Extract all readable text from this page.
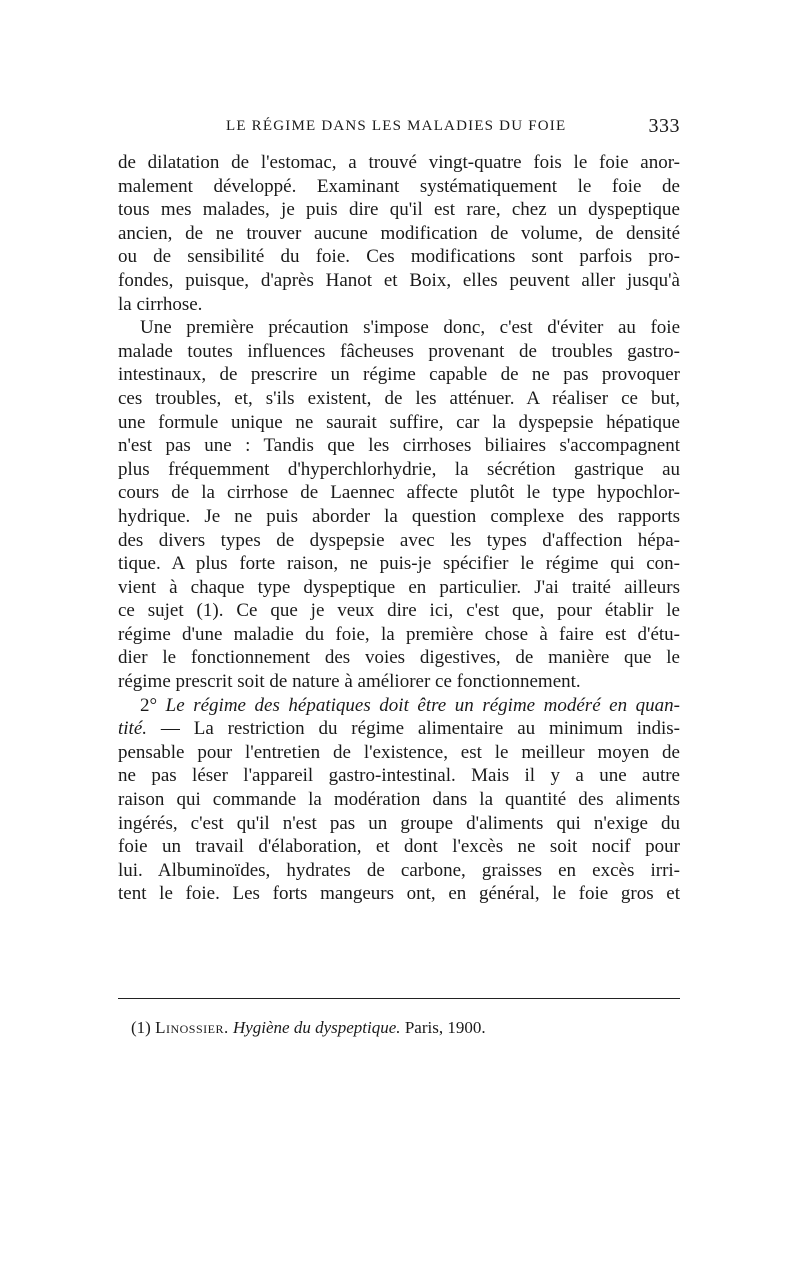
LE RÉGIME DANS LES MALADIES DU FOIE	333
de dilatation de l'estomac, a trouvé vingt-quatre fois le foie anor-
malement développé. Examinant systématiquement le foie de
tous mes malades, je puis dire qu'il est rare, chez un dyspeptique
ancien, de ne trouver aucune modification de volume, de densité
ou de sensibilité du foie. Ces modifications sont parfois pro-
fondes, puisque, d'après Hanot et Boix, elles peuvent aller jusqu'à
la cirrhose.
Une première précaution s'impose donc, c'est d'éviter au foie
malade toutes influences fâcheuses provenant de troubles gastro-
intestinaux, de prescrire un régime capable de ne pas provoquer
ces troubles, et, s'ils existent, de les atténuer. A réaliser ce but,
une formule unique ne saurait suffire, car la dyspepsie hépatique
n'est pas une : Tandis que les cirrhoses biliaires s'accompagnent
plus fréquemment d'hyperchlorhydrie, la sécrétion gastrique au
cours de la cirrhose de Laennec affecte plutôt le type hypochlor-
hydrique. Je ne puis aborder la question complexe des rapports
des divers types de dyspepsie avec les types d'affection hépa-
tique. A plus forte raison, ne puis-je spécifier le régime qui con-
vient à chaque type dyspeptique en particulier. J'ai traité ailleurs
ce sujet (1). Ce que je veux dire ici, c'est que, pour établir le
régime d'une maladie du foie, la première chose à faire est d'étu-
dier le fonctionnement des voies digestives, de manière que le
régime prescrit soit de nature à améliorer ce fonctionnement.
2° Le régime des hépatiques doit être un régime modéré en quan-
tité. — La restriction du régime alimentaire au minimum indis-
pensable pour l'entretien de l'existence, est le meilleur moyen de
ne pas léser l'appareil gastro-intestinal. Mais il y a une autre
raison qui commande la modération dans la quantité des aliments
ingérés, c'est qu'il n'est pas un groupe d'aliments qui n'exige du
foie un travail d'élaboration, et dont l'excès ne soit nocif pour
lui. Albuminoïdes, hydrates de carbone, graisses en excès irri-
tent le foie. Les forts mangeurs ont, en général, le foie gros et
(1) Linossier. Hygiène du dyspeptique. Paris, 1900.
